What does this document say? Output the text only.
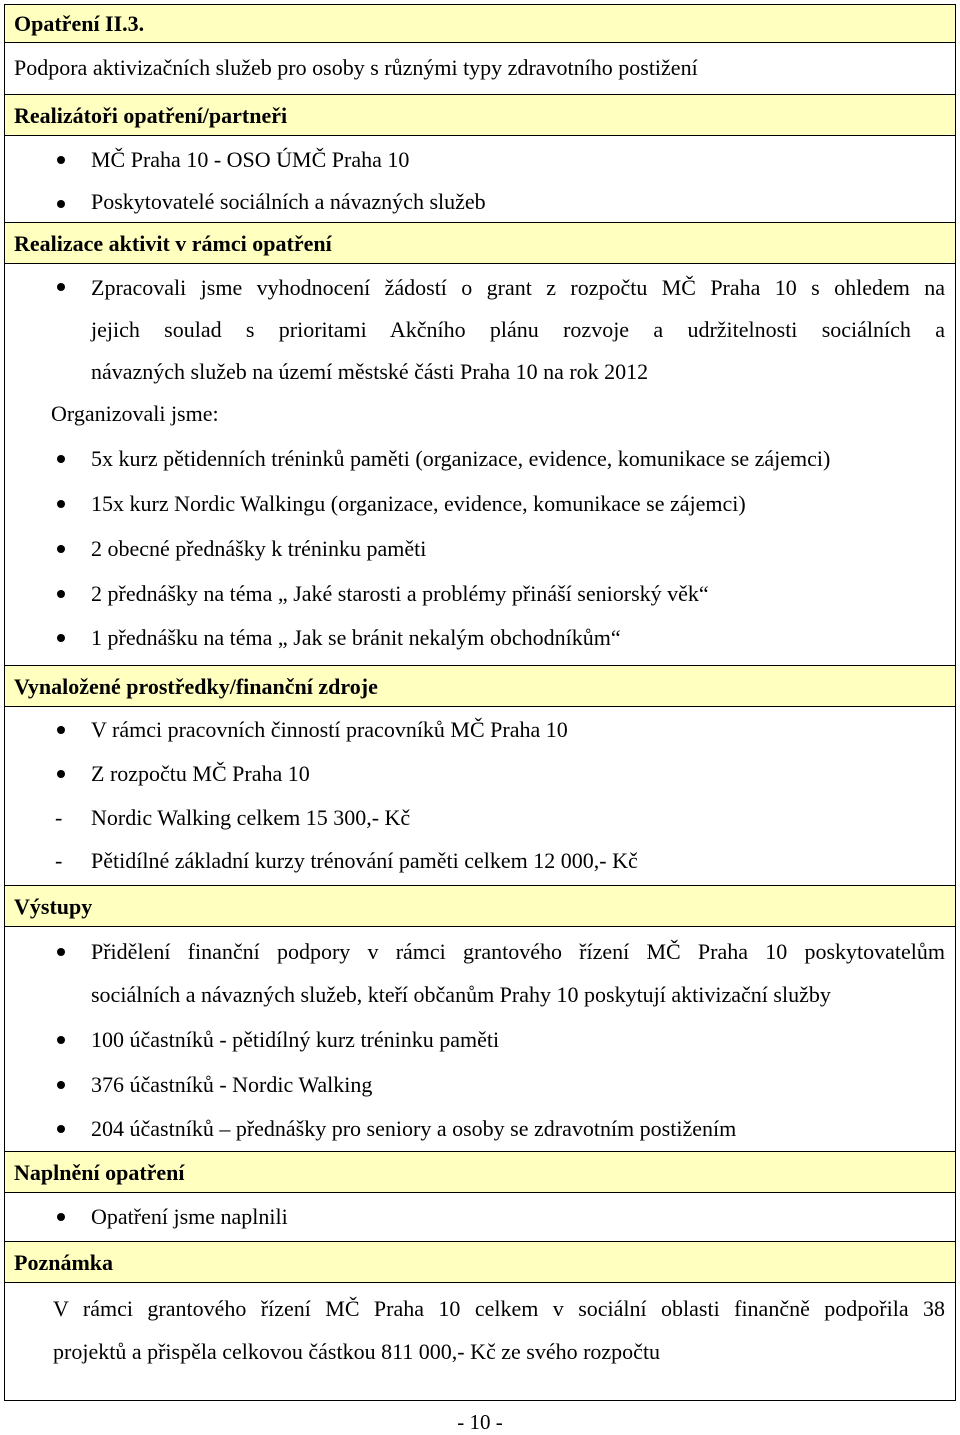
Opatření II.3.
Podpora aktivizačních služeb pro osoby s různými typy zdravotního postižení
Realizátoři opatření/partneři
MČ Praha 10 - OSO ÚMČ Praha 10
Poskytovatelé sociálních a návazných služeb
Realizace aktivit v rámci opatření
Zpracovali jsme vyhodnocení žádostí o grant z rozpočtu MČ Praha 10 s ohledem na
jejich soulad s prioritami Akčního plánu rozvoje a udržitelnosti sociálních a
návazných služeb na území městské části Praha 10 na rok 2012
Organizovali jsme:
5x kurz pětidenních tréninků paměti (organizace, evidence, komunikace se zájemci)
15x kurz Nordic Walkingu (organizace, evidence, komunikace se zájemci)
2 obecné přednášky k tréninku paměti
2 přednášky na téma „ Jaké starosti a problémy přináší seniorský věk“
1 přednášku na téma „ Jak se bránit nekalým obchodníkům“
Vynaložené prostředky/finanční zdroje
V rámci pracovních činností pracovníků MČ Praha 10
Z rozpočtu MČ Praha 10
- Nordic Walking celkem 15 300,- Kč
- Pětidílné základní kurzy trénování paměti celkem 12 000,- Kč
Výstupy
Přidělení finanční podpory v rámci grantového řízení MČ Praha 10 poskytovatelům
sociálních a návazných služeb, kteří občanům Prahy 10 poskytují aktivizační služby
100 účastníků - pětidílný kurz tréninku paměti
376 účastníků - Nordic Walking
204 účastníků – přednášky pro seniory a osoby se zdravotním postižením
Naplnění opatření
Opatření jsme naplnili
Poznámka
V rámci grantového řízení MČ Praha 10 celkem v sociální oblasti finančně podpořila 38
projektů a přispěla celkovou částkou 811 000,- Kč ze svého rozpočtu
- 10 -
